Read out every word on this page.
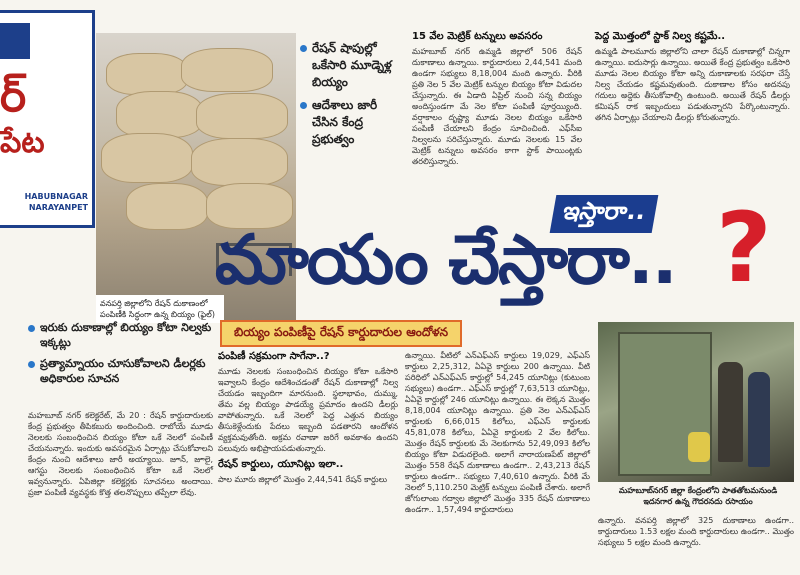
ర్
పేట
HABUBNAGAR
NARAYANPET
వనపర్తి జిల్లాలోని రేషన్ దుకాణంలో పంపిణీకి సిద్ధంగా ఉన్న బియ్యం (ఫైల్)
రేషన్ షాపుల్లో ఒకేసారి మూడ్నెళ్ల బియ్యం
ఆదేశాలు జారీ చేసిన కేంద్ర ప్రభుత్వం
15 వేల మెట్రిక్ టన్నులు అవసరం
మహబూబ్ నగర్ ఉమ్మడి జిల్లాలో 506 రేషన్ దుకాణాలు ఉన్నాయి. కార్డుదారులు 2,44,541 మంది ఉండగా సభ్యులు 8,18,004 మంది ఉన్నారు. వీరికి ప్రతి నెల 5 వేల మెట్రిక్ టన్నుల బియ్యం కోటా విడుదల చేస్తున్నారు. ఈ ఏడాది ఏప్రిల్ నుంచి సన్న బియ్యం అందిస్తుండగా మే నెల కోటా పంపిణీ పూర్తయ్యింది. వర్షాకాలం దృష్ట్యా మూడు నెలల బియ్యం ఒకేసారి పంపిణీ చేయాలని కేంద్రం సూచించింది. ఎఫ్‌సీఐ నిల్వలను సరిచేస్తున్నారు. మూడు నెలలకు 15 వేల మెట్రిక్ టన్నులు అవసరం కాగా స్టాక్ పాయింట్లకు తరలిస్తున్నారు.
పెద్ద మొత్తంలో స్టాక్ నిల్వ కష్టమే..
ఉమ్మడి పాలమూరు జిల్లాలోని చాలా రేషన్ దుకాణాల్లో చిన్నగా ఉన్నాయి. ఐదుసార్లు ఉన్నాయి. అయితే కేంద్ర ప్రభుత్వం ఒకేసారి మూడు నెలల బియ్యం కోటా అన్ని దుకాణాలకు సరఫరా చేస్తే నిల్వ చేయడం కష్టమవుతుంది. దుకాణాల కోసం అదనపు గదులు అద్దెకు తీసుకోవాల్సి ఉంటుంది. అయితే రేషన్ డీలర్లు కమిషన్ రాక ఇబ్బందులు పడుతున్నారని పేర్కొంటున్నారు. తగిన ఏర్పాట్లు చేయాలని డీలర్లు కోరుతున్నారు.
ఇస్తారా..
మాయం చేస్తారా.. ?
బియ్యం పంపిణీపై రేషన్ కార్డుదారుల ఆందోళన
ఇరుకు దుకాణాల్లో బియ్యం కోటా నిల్వకు ఇక్కట్లు
ప్రత్యామ్నాయం చూసుకోవాలని డీలర్లకు అధికారుల సూచన
మహబూబ్ నగర్ కలెక్టరేట్, మే 20 : రేషన్ కార్డుదారులకు కేంద్ర ప్రభుత్వం తీపికబురు అందించింది. రాబోయే మూడు నెలలకు సంబంధించిన బియ్యం కోటా ఒకే నెలలో పంపిణీ చేయనున్నారు. ఇందుకు అవసరమైన ఏర్పాట్లు చేసుకోవాలని కేంద్రం నుంచి ఆదేశాలు జారీ అయ్యాయి. జూన్, జూలై, ఆగస్టు నెలలకు సంబంధించిన కోటా ఒకే నెలలో ఇవ్వనున్నారు. ఏపిజిల్లా కలెక్టర్లకు సూచనలు అందాయి. ప్రజా పంపిణీ వ్యవస్థకు కొత్త తలనొప్పులు తప్పేలా లేవు.
పంపిణీ సక్రమంగా సాగేనా..?
మూడు నెలలకు సంబంధించిన బియ్యం కోటా ఒకేసారి ఇవ్వాలని కేంద్రం ఆదేశించడంతో రేషన్ దుకాణాల్లో నిల్వ చేయడం ఇబ్బందిగా మారనుంది. స్థలాభావం, దుమ్ము, తేమ వల్ల బియ్యం పాడయ్యే ప్రమాదం ఉందని డీలర్లు వాపోతున్నారు. ఒకే నెలలో పెద్ద ఎత్తున బియ్యం తీసుకెళ్లేందుకు పేదలు ఇబ్బంది పడతారని ఆందోళన వ్యక్తమవుతోంది. అక్రమ రవాణా జరిగే అవకాశం ఉందని పలువురు అభిప్రాయపడుతున్నారు.
రేషన్ కార్డులు, యూనిట్లు ఇలా..
పాల మూరు జిల్లాలో మొత్తం 2,44,541 రేషన్ కార్డులు
ఉన్నాయి. వీటిలో ఎన్‌ఎఫ్‌ఎస్ కార్డులు 19,029, ఎఫ్‌ఎస్ కార్డులు 2,25,312, ఏఏవై కార్డులు 200 ఉన్నాయి. వీటి పరిధిలో ఎన్‌ఎఫ్‌ఎస్ కార్డుల్లో 54,245 యూనిట్లు (కుటుంబ సభ్యులు) ఉండగా.. ఎఫ్‌ఎస్ కార్డుల్లో 7,63,513 యూనిట్లు, ఏఏవై కార్డుల్లో 246 యూనిట్లు ఉన్నాయి. ఈ లెక్కన మొత్తం 8,18,004 యూనిట్లు ఉన్నాయి. ప్రతి నెల ఎన్‌ఎఫ్‌ఎస్ కార్డులకు 6,66,015 కిలోలు, ఎఫ్‌ఎస్ కార్డులకు 45,81,078 కిలోలు, ఏఏవై కార్డులకు 2 వేల కిలోలు. మొత్తం రేషన్ కార్డులకు మే నెలకుగాను 52,49,093 కిలోల బియ్యం కోటా విడుదలైంది. అలాగే నారాయణపేట్ జిల్లాలో మొత్తం 558 రేషన్ దుకాణాలు ఉండగా.. 2,43,213 రేషన్ కార్డులు ఉండగా.. సభ్యులు 7,40,610 ఉన్నారు. వీరికి మే నెలలో 5,110.250 మెట్రిక్ టన్నులు పంపిణీ చేశారు. అలాగే జోగులాంబ గద్వాల జిల్లాలో మొత్తం 335 రేషన్ దుకాణాలు ఉండగా.. 1,57,494 కార్డుదారులు
మహబూబ్‌నగర్ జిల్లా కేంద్రంలోని పాతతోటమనుండి ఇదనగార ఉన్న గౌదరనదు రసాయం
ఉన్నారు. వనపర్తి జిల్లాలో 325 దుకాణాలు ఉండగా.. కార్డుదారులు 1.53 లక్షల మంది కార్డుదారులు ఉండగా.. మొత్తం సభ్యులు 5 లక్షల మంది ఉన్నారు.
